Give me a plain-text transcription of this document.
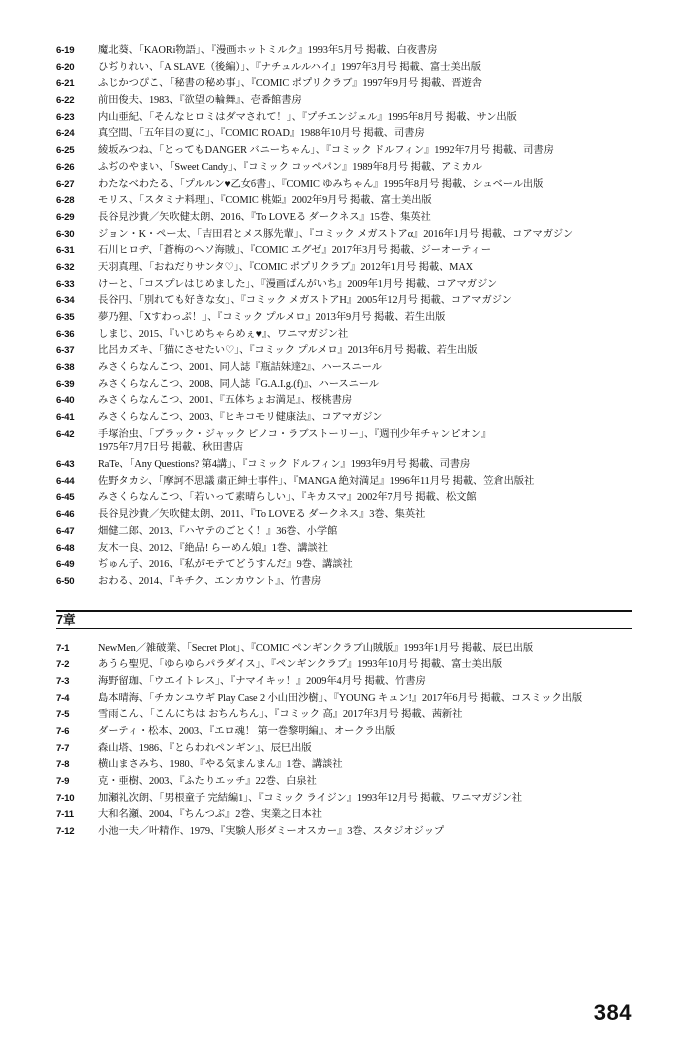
6-19	魔北葵、「KAORi物語」、『漫画ホットミルク』1993年5月号 掲載、白夜書房
6-20	ひぢりれい、「A SLAVE（後編）」、『ナチュルルハイ』1997年3月号 掲載、富士美出版
6-21	ふじかつぴこ、「秘書の秘め事」、『COMIC ポプリクラブ』1997年9月号 掲載、晋遊舎
6-22	前田俊夫、1983、『欲望の輪舞』、壱番館書房
6-23	内山亜紀、「そんなヒロミはダマされて！」、『プチエンジェル』1995年8月号 掲載、サン出版
6-24	真空間、「五年目の夏に」、『COMIC ROAD』1988年10月号 掲載、司書房
6-25	綾坂みつね、「とってもDANGER バニーちゃん」、『コミック ドルフィン』1992年7月号 掲載、司書房
6-26	ふぢのやまい、「Sweet Candy」、『コミック コッペパン』1989年8月号 掲載、アミカル
6-27	わたなべわたる、「プルルン♥乙女б書」、『COMIC ゆみちゃん』1995年8月号 掲載、シュベール出版
6-28	モリス、「スタミナ料理」、『COMIC 桃姫』2002年9月号 掲載、富士美出版
6-29	長谷見沙貴／矢吹健太朗、2016、『To LOVEる ダークネス』15巻、集英社
6-30	ジョン・K・ペー太、「吉田君とメス豚先輩」、『コミック メガストアα』2016年1月号 掲載、コアマガジン
6-31	石川ヒロヂ、「蒼梅のヘソ海賊」、『COMIC エグゼ』2017年3月号 掲載、ジーオーティー
6-32	天羽真理、「おねだりサンタ♡」、『COMIC ポプリクラブ』2012年1月号 掲載、MAX
6-33	けーと、「コスプレはじめました」、『漫画ばんがいち』2009年1月号 掲載、コアマガジン
6-34	長谷円、「別れても好きな女」、『コミック メガストアH』2005年12月号 掲載、コアマガジン
6-35	夢乃狸、「Xすわっぷ！」、『コミック プルメロ』2013年9月号 掲載、若生出版
6-36	しまじ、2015、『いじめちゃらめぇ♥』、ワニマガジン社
6-37	比呂カズキ、「猫にさせたい♡」、『コミック プルメロ』2013年6月号 掲載、若生出版
6-38	みさくらなんこつ、2001、同人誌『瓶詰妹達2』、ハースニール
6-39	みさくらなんこつ、2008、同人誌『G.A.I.g.(f)』、ハースニール
6-40	みさくらなんこつ、2001、『五体ちょお満足』、桜桃書房
6-41	みさくらなんこつ、2003、『ヒキコモリ健康法』、コアマガジン
6-42	手塚治虫、「ブラック・ジャック ピノコ・ラブストーリー」、『週刊少年チャンピオン』
1975年7月7日号 掲載、秋田書店
6-43	RaTe、「Any Questions? 第4講」、『コミック ドルフィン』1993年9月号 掲載、司書房
6-44	佐野タカシ、「摩訶不思議 粛正紳士事件」、『MANGA 絶対満足』1996年11月号 掲載、笠倉出版社
6-45	みさくらなんこつ、「若いって素晴らしい」、『キカスマ』2002年7月号 掲載、松文館
6-46	長谷見沙貴／矢吹健太朗、2011、『To LOVEる ダークネス』3巻、集英社
6-47	畑健二郎、2013、『ハヤテのごとく！』36巻、小学館
6-48	友木一良、2012、『絶品! らーめん娘』1巻、講談社
6-49	ぢゅん子、2016、『私がモテてどうすんだ』9巻、講談社
6-50	おわる、2014、『キチク、エンカウント』、竹書房
7章
7-1	NewMen／雑破業、「Secret Plot」、『COMIC ペンギンクラブ山賊版』1993年1月号 掲載、辰巳出版
7-2	あうら聖児、「ゆらゆらパラダイス」、『ペンギンクラブ』1993年10月号 掲載、富士美出版
7-3	海野留珈、「ウエイトレス」、『ナマイキッ！』2009年4月号 掲載、竹書房
7-4	島本晴海、「チカンユウギ Play Case 2 小山田沙樹」、『YOUNG キュン!』2017年6月号 掲載、コスミック出版
7-5	雪雨こん、「こんにちは おちんちん」、『コミック 高』2017年3月号 掲載、茜新社
7-6	ダーティ・松本、2003、『エロ魂！ 第一巻黎明編』、オークラ出版
7-7	森山塔、1986、『とらわれペンギン』、辰巳出版
7-8	横山まさみち、1980、『やる気まんまん』1巻、講談社
7-9	克・亜樹、2003、『ふたりエッチ』22巻、白泉社
7-10	加瀬礼次朗、「男根童子 完結編1」、『コミック ライジン』1993年12月号 掲載、ワニマガジン社
7-11	大和名瀬、2004、『ちんつぶ』2巻、実業之日本社
7-12	小池一夫／叶精作、1979、『実験人形ダミーオスカー』3巻、スタジオジップ
384
